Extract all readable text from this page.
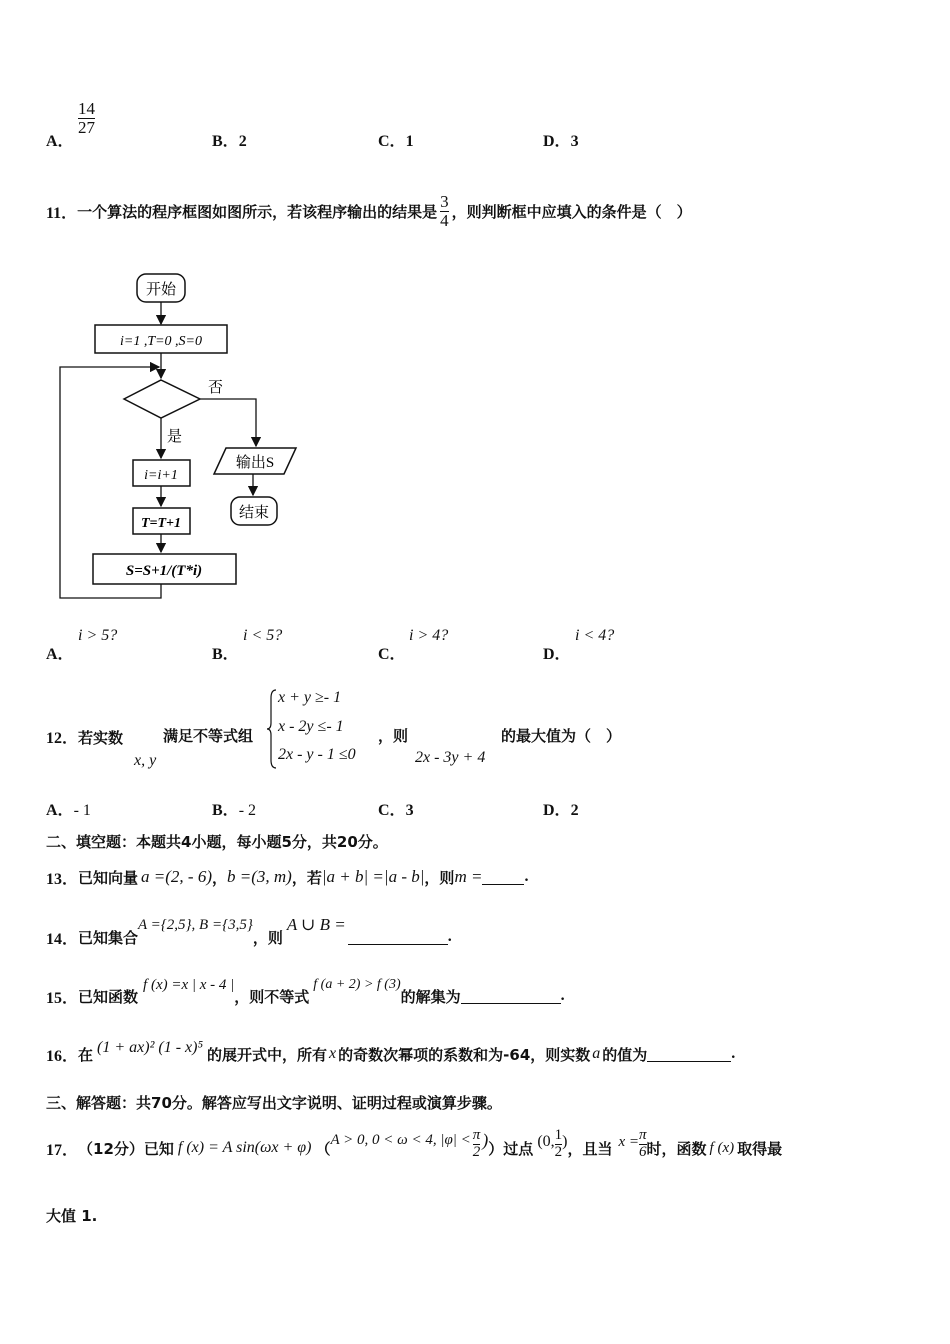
A．
$\frac{14}{27}$
B．2	C．1	D．3
11． 一个算法的程序框图如图所示，若该程序输出的结果是 $\frac{3}{4}$ ，则判断框中应填入的条件是（　）
开始
i=1 ,T=0 ,S=0
否
是
输出S
结束
i=i+1
T=T+1
S=S+1/(T*i)
A．
i > 5?
B．
i < 5?
C．
i > 4?
D．
i < 4?
12．若实数
x, y
满足不等式组
x + y ≥- 1
x - 2y ≤- 1
2x - y - 1 ≤0
，则
2x - 3y + 4
的最大值为（　）
A．- 1	B．- 2	C．3	D．2
二、填空题：本题共4小题，每小题5分，共20分。
13． 已知向量 a =(2, - 6) ， b =(3, m) ，若 |a + b| =|a - b| ，则 m =	.
14． 已知集合
A ={2,5}, B ={3,5}
，则
A ∪ B =
.
15． 已知函数
f (x) =x | x - 4 |
，则不等式
f (a + 2) > f (3)
的解集为	.
16． 在 (1 + ax)² (1 - x)⁵ 的展开式中，所有 x 的奇数次幂项的系数和为-64，则实数 a 的值为	.
三、解答题：共70分。解答应写出文字说明、证明过程或演算步骤。
17． （12分）已知 f (x) = A sin(ωx + φ) （ A > 0, 0 < ω < 4, $|\varphi| < \frac{\pi}{2}$ ) ） 过点 (0, $\frac{1}{2}$ ) ，且当 $x = \frac{\pi}{6}$ 时，函数 f (x) 取得最
大值 1.
